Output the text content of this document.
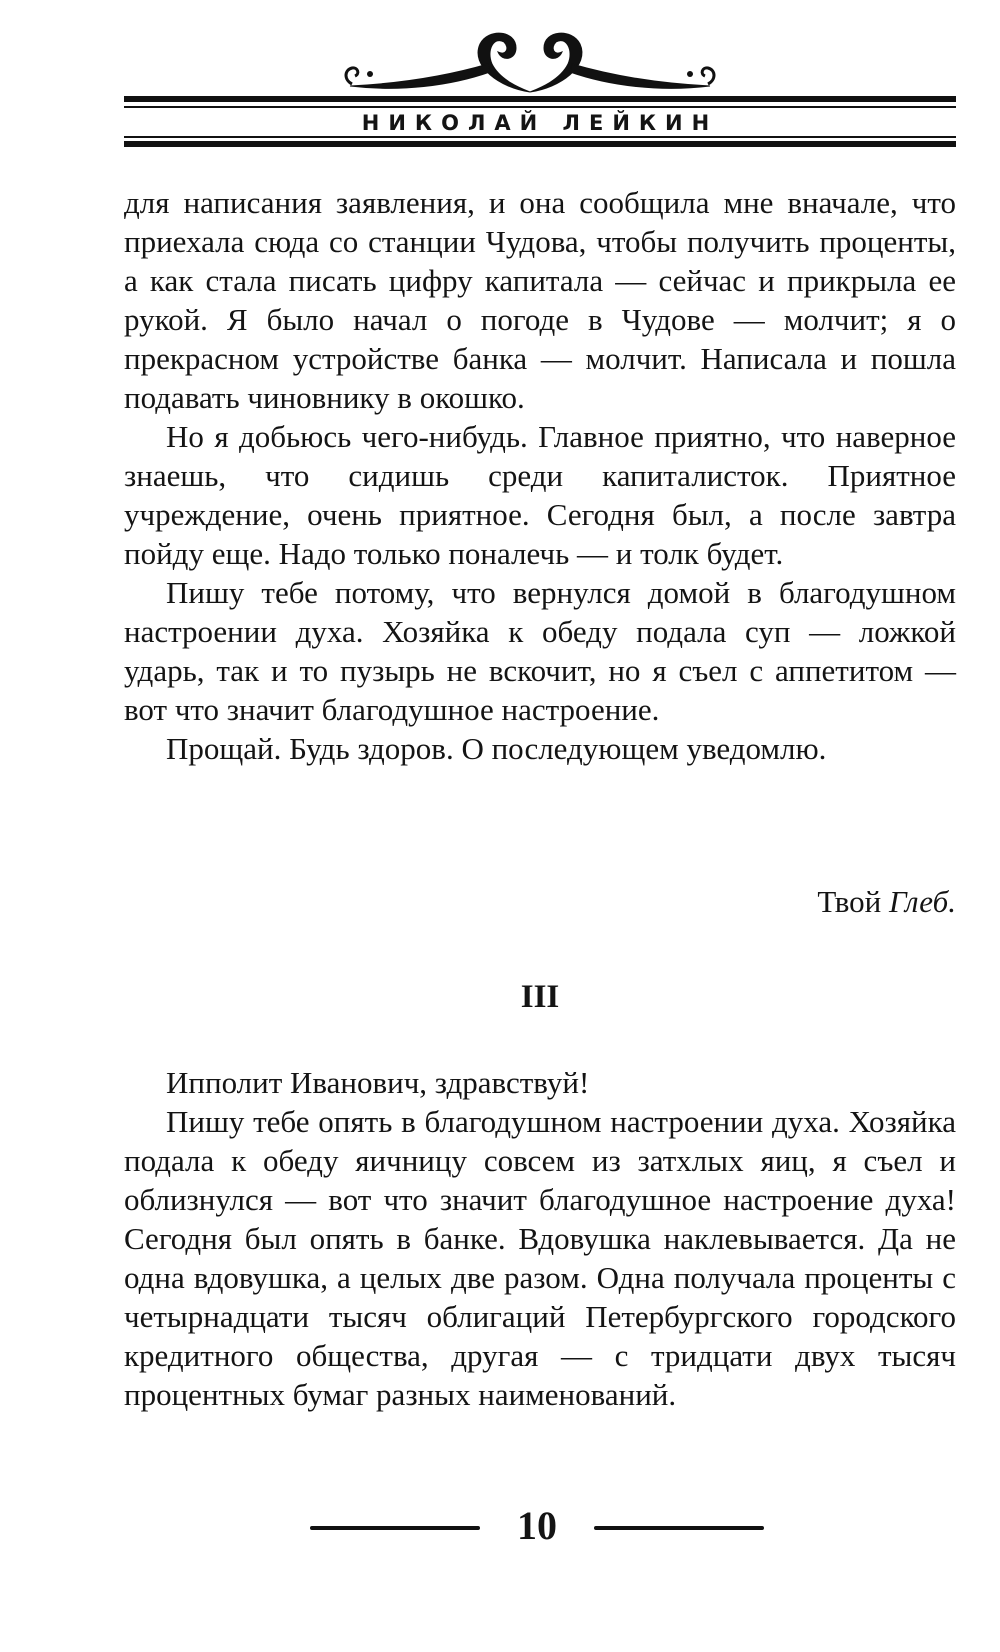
НИКОЛАЙ ЛЕЙКИН

для написания заявления, и она сообщила мне вначале, что приехала сюда со станции Чудова, чтобы получить проценты, а как стала писать цифру капитала — сейчас и прикрыла ее рукой. Я было начал о погоде в Чудове — молчит; я о прекрасном устройстве банка — молчит. Написала и пошла подавать чиновнику в окошко.

Но я добьюсь чего-нибудь. Главное приятно, что наверное знаешь, что сидишь среди капиталисток. Приятное учреждение, очень приятное. Сегодня был, а после завтра пойду еще. Надо только поналечь — и толк будет.

Пишу тебе потому, что вернулся домой в благодушном настроении духа. Хозяйка к обеду подала суп — ложкой ударь, так и то пузырь не вскочит, но я съел с аппетитом — вот что значит благодушное настроение.

Прощай. Будь здоров. О последующем уведомлю.

Твой Глеб.
III

Ипполит Иванович, здравствуй!

Пишу тебе опять в благодушном настроении духа. Хозяйка подала к обеду яичницу совсем из затхлых яиц, я съел и облизнулся — вот что значит благодушное настроение духа! Сегодня был опять в банке. Вдовушка наклевывается. Да не одна вдовушка, а целых две разом. Одна получала проценты с четырнадцати тысяч облигаций Петербургского городского кредитного общества, другая — с тридцати двух тысяч процентных бумаг разных наименований.

10
